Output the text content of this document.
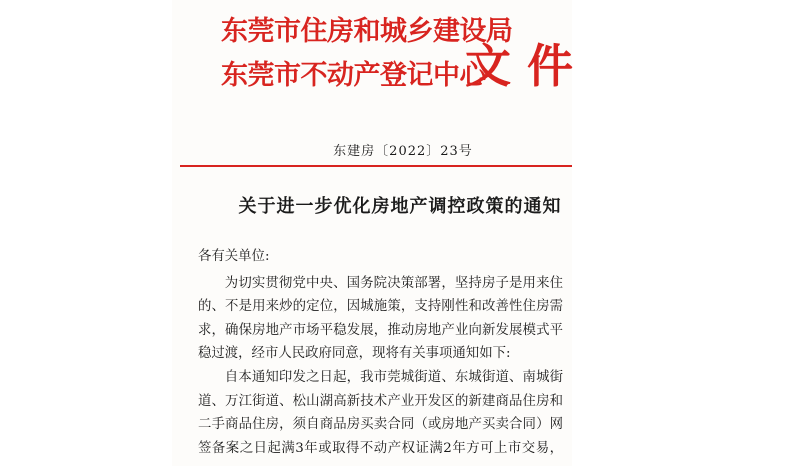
东莞市住房和城乡建设局
东莞市不动产登记中心
文件
东建房〔2022〕23号
关于进一步优化房地产调控政策的通知
各有关单位:
为切实贯彻党中央、国务院决策部署，坚持房子是用来住
的、不是用来炒的定位，因城施策，支持刚性和改善性住房需
求，确保房地产市场平稳发展，推动房地产业向新发展模式平
稳过渡，经市人民政府同意，现将有关事项通知如下:
自本通知印发之日起，我市莞城街道、东城街道、南城街
道、万江街道、松山湖高新技术产业开发区的新建商品住房和
二手商品住房，须自商品房买卖合同（或房地产买卖合同）网
签备案之日起满3年或取得不动产权证满2年方可上市交易，
